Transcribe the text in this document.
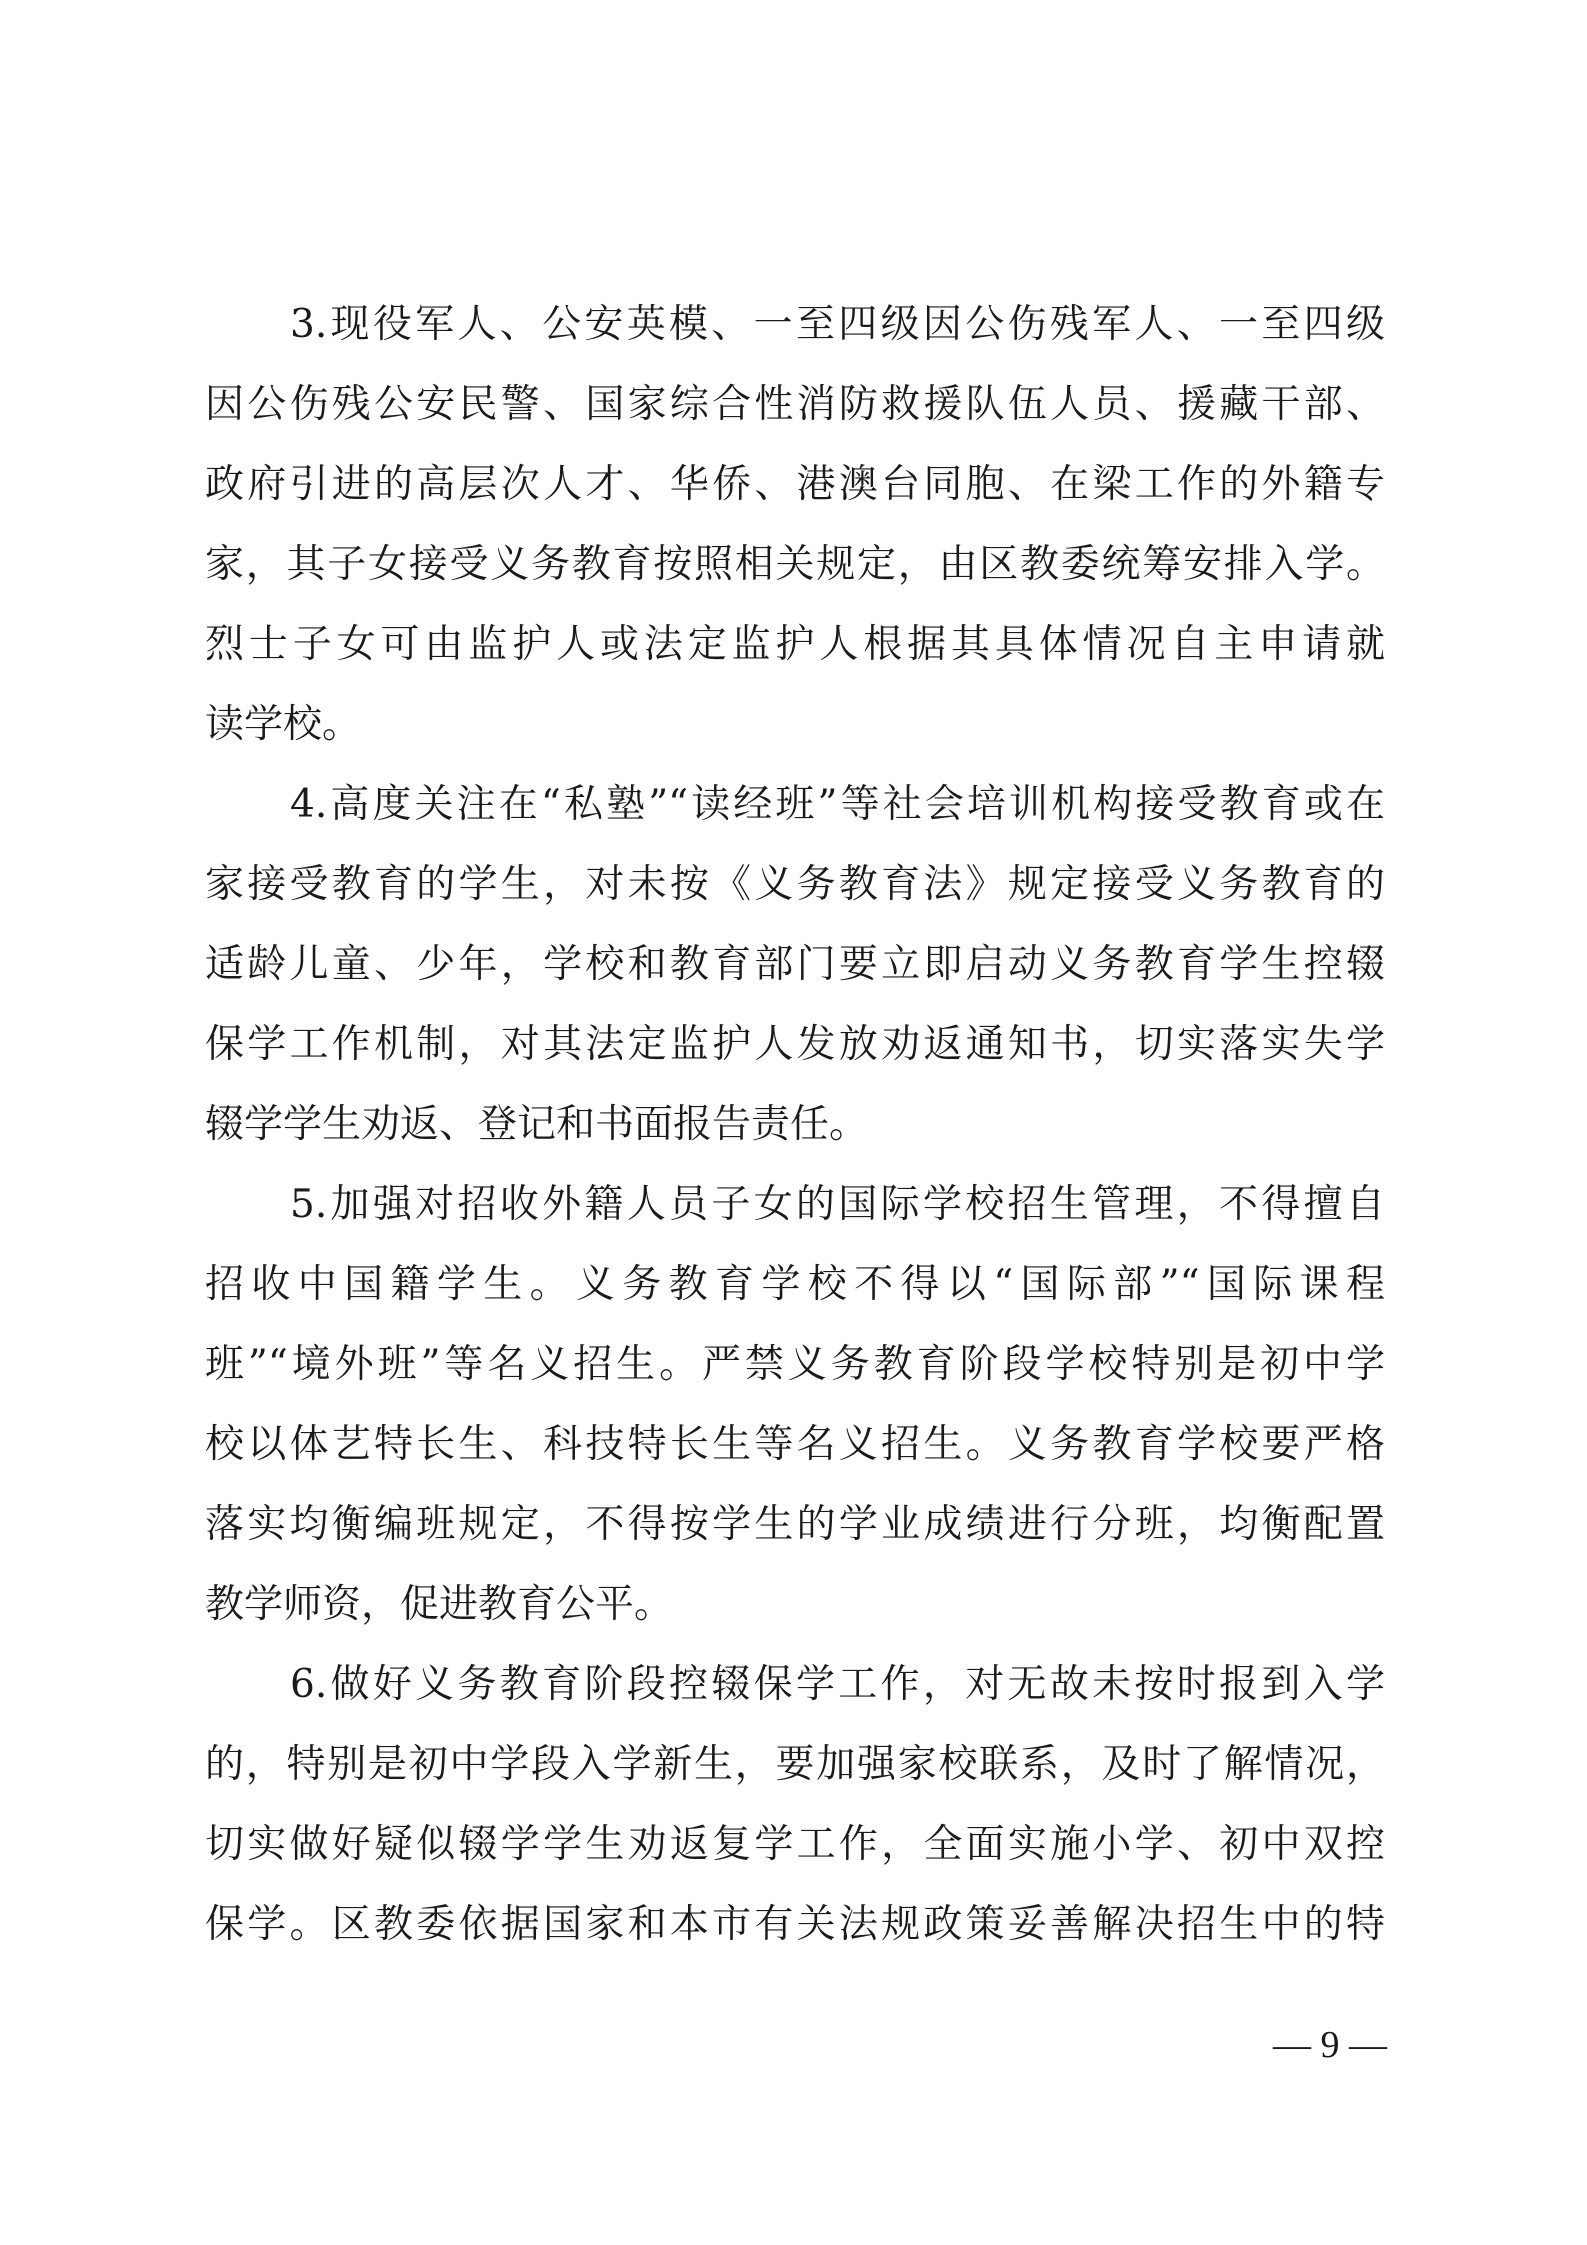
3.现役军人、公安英模、一至四级因公伤残军人、一至四级
因公伤残公安民警、国家综合性消防救援队伍人员、援藏干部、
政府引进的高层次人才、华侨、港澳台同胞、在梁工作的外籍专
家，其子女接受义务教育按照相关规定，由区教委统筹安排入学。
烈士子女可由监护人或法定监护人根据其具体情况自主申请就
读学校。
4.高度关注在“私塾”“读经班”等社会培训机构接受教育或在
家接受教育的学生，对未按《义务教育法》规定接受义务教育的
适龄儿童、少年，学校和教育部门要立即启动义务教育学生控辍
保学工作机制，对其法定监护人发放劝返通知书，切实落实失学
辍学学生劝返、登记和书面报告责任。
5.加强对招收外籍人员子女的国际学校招生管理，不得擅自
招收中国籍学生。义务教育学校不得以“国际部”“国际课程
班”“境外班”等名义招生。严禁义务教育阶段学校特别是初中学
校以体艺特长生、科技特长生等名义招生。义务教育学校要严格
落实均衡编班规定，不得按学生的学业成绩进行分班，均衡配置
教学师资，促进教育公平。
6.做好义务教育阶段控辍保学工作，对无故未按时报到入学
的，特别是初中学段入学新生，要加强家校联系，及时了解情况，
切实做好疑似辍学学生劝返复学工作，全面实施小学、初中双控
保学。区教委依据国家和本市有关法规政策妥善解决招生中的特
— 9 —
